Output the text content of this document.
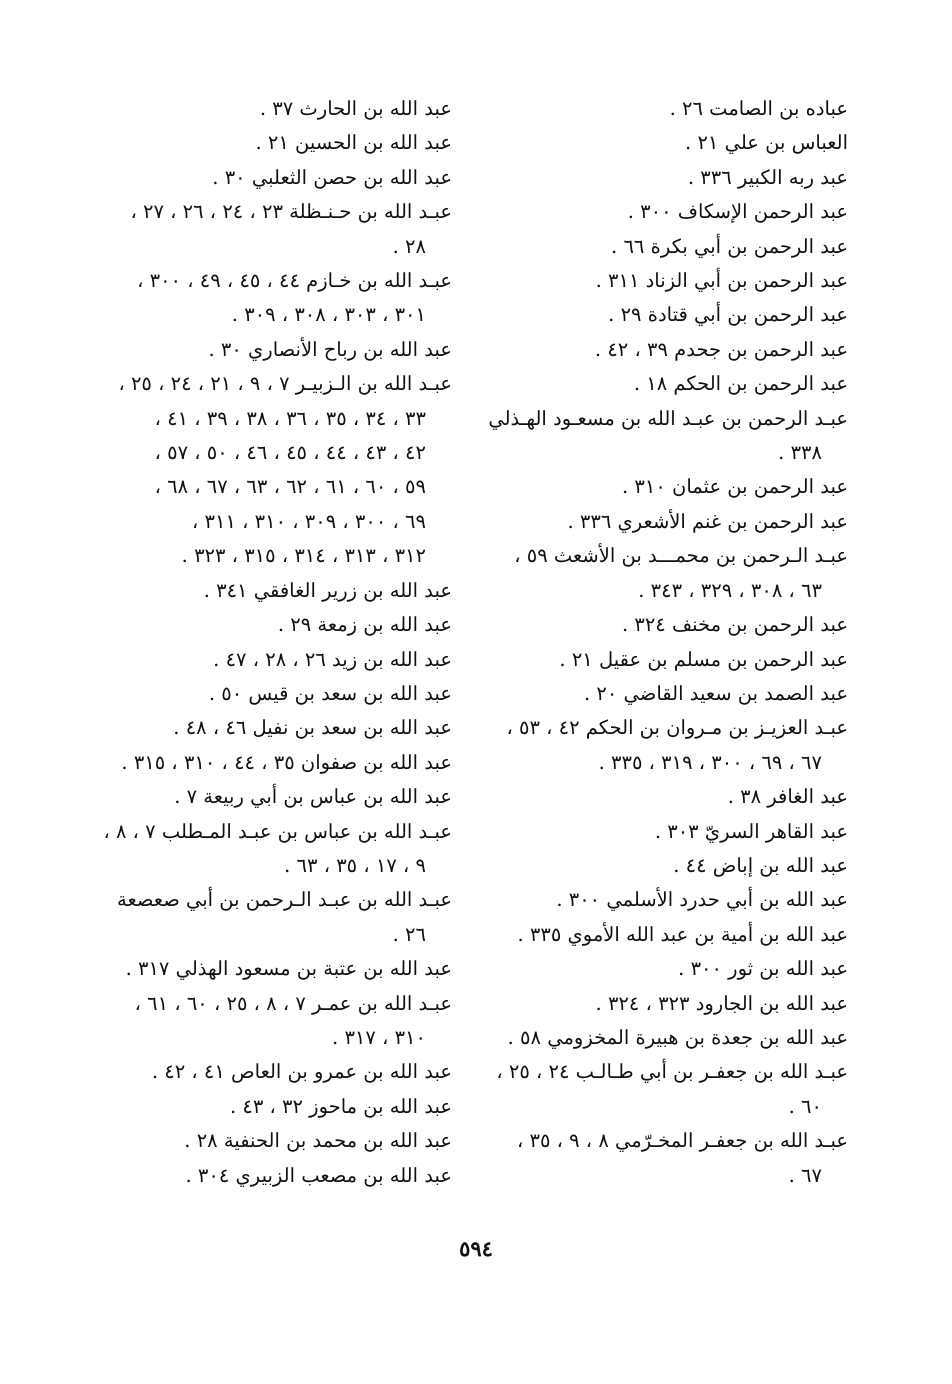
عباده بن الصامت ٢٦ .
العباس بن علي ٢١ .
عبد ربه الكبير ٣٣٦ .
عبد الرحمن الإسكاف ٣٠٠ .
عبد الرحمن بن أبي بكرة ٦٦ .
عبد الرحمن بن أبي الزناد ٣١١ .
عبد الرحمن بن أبي قتادة ٢٩ .
عبد الرحمن بن جحدم ٣٩ ، ٤٢ .
عبد الرحمن بن الحكم ١٨ .
عبـد الرحمن بن عبـد الله بن مسعـود الهـذلي
٣٣٨ .
عبد الرحمن بن عثمان ٣١٠ .
عبد الرحمن بن غنم الأشعري ٣٣٦ .
عبـد الـرحمن بن محمـــد بن الأشعث ٥٩ ،
٦٣ ، ٣٠٨ ، ٣٢٩ ، ٣٤٣ .
عبد الرحمن بن مخنف ٣٢٤ .
عبد الرحمن بن مسلم بن عقيل ٢١ .
عبد الصمد بن سعيد القاضي ٢٠ .
عبـد العزيـز بن مـروان بن الحكم ٤٢ ، ٥٣ ،
٦٧ ، ٦٩ ، ٣٠٠ ، ٣١٩ ، ٣٣٥ .
عبد الغافر ٣٨ .
عبد القاهر السريّ ٣٠٣ .
عبد الله بن إباض ٤٤ .
عبد الله بن أبي حدرد الأسلمي ٣٠٠ .
عبد الله بن أمية بن عبد الله الأموي ٣٣٥ .
عبد الله بن ثور ٣٠٠ .
عبد الله بن الجارود ٣٢٣ ، ٣٢٤ .
عبد الله بن جعدة بن هبيرة المخزومي ٥٨ .
عبـد الله بن جعفـر بن أبي طـالـب ٢٤ ، ٢٥ ،
٦٠ .
عبـد الله بن جعفـر المخـرّمي ٨ ، ٩ ، ٣٥ ،
٦٧ .
عبد الله بن الحارث ٣٧ .
عبد الله بن الحسين ٢١ .
عبد الله بن حصن الثعلبي ٣٠ .
عبـد الله بن حـنـظلة ٢٣ ، ٢٤ ، ٢٦ ، ٢٧ ،
٢٨ .
عبـد الله بن خـازم ٤٤ ، ٤٥ ، ٤٩ ، ٣٠٠ ،
٣٠١ ، ٣٠٣ ، ٣٠٨ ، ٣٠٩ .
عبد الله بن رباح الأنصاري ٣٠ .
عبـد الله بن الـزبيـر ٧ ، ٩ ، ٢١ ، ٢٤ ، ٢٥ ،
٣٣ ، ٣٤ ، ٣٥ ، ٣٦ ، ٣٨ ، ٣٩ ، ٤١ ،
٤٢ ، ٤٣ ، ٤٤ ، ٤٥ ، ٤٦ ، ٥٠ ، ٥٧ ،
٥٩ ، ٦٠ ، ٦١ ، ٦٢ ، ٦٣ ، ٦٧ ، ٦٨ ،
٦٩ ، ٣٠٠ ، ٣٠٩ ، ٣١٠ ، ٣١١ ،
٣١٢ ، ٣١٣ ، ٣١٤ ، ٣١٥ ، ٣٢٣ .
عبد الله بن زرير الغافقي ٣٤١ .
عبد الله بن زمعة ٢٩ .
عبد الله بن زيد ٢٦ ، ٢٨ ، ٤٧ .
عبد الله بن سعد بن قيس ٥٠ .
عبد الله بن سعد بن نفيل ٤٦ ، ٤٨ .
عبد الله بن صفوان ٣٥ ، ٤٤ ، ٣١٠ ، ٣١٥ .
عبد الله بن عباس بن أبي ربيعة ٧ .
عبـد الله بن عباس بن عبـد المـطلب ٧ ، ٨ ،
٩ ، ١٧ ، ٣٥ ، ٦٣ .
عبـد الله بن عبـد الـرحمن بن أبي صعصعة
٢٦ .
عبد الله بن عتبة بن مسعود الهذلي ٣١٧ .
عبـد الله بن عمـر ٧ ، ٨ ، ٢٥ ، ٦٠ ، ٦١ ،
٣١٠ ، ٣١٧ .
عبد الله بن عمرو بن العاص ٤١ ، ٤٢ .
عبد الله بن ماحوز ٣٢ ، ٤٣ .
عبد الله بن محمد بن الحنفية ٢٨ .
عبد الله بن مصعب الزبيري ٣٠٤ .
٥٩٤
